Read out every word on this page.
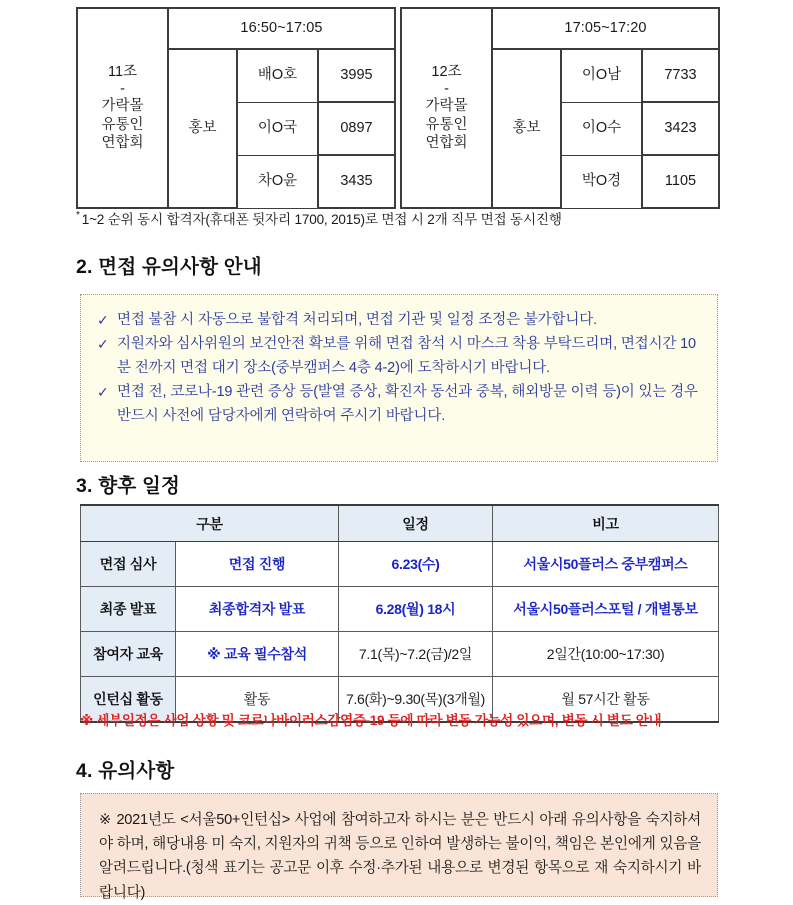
11조
-
가락몰
유통인
연합회	16:50~17:05		
	홍보	배O호	3995
		이O국	0897
		차O윤	3435
12조
-
가락몰
유통인
연합회	17:05~17:20		
	홍보	이O남	7733
		이O수	3423
		박O경	1105
* 1~2 순위 동시 합격자(휴대폰 뒷자리 1700, 2015)로 면접 시 2개 직무 면접 동시진행
2. 면접 유의사항 안내
✓ 면접 불참 시 자동으로 불합격 처리되며, 면접 기관 및 일정 조정은 불가합니다.
✓ 지원자와 심사위원의 보건안전 확보를 위해 면접 참석 시 마스크 착용 부탁드리며, 면접시간 10분 전까지 면접 대기 장소(중부캠퍼스 4층 4-2)에 도착하시기 바랍니다.
✓ 면접 전, 코로나-19 관련 증상 등(발열 증상, 확진자 동선과 중복, 해외방문 이력 등)이 있는 경우 반드시 사전에 담당자에게 연락하여 주시기 바랍니다.
3. 향후 일정
구분		일정	비고
면접 심사	면접 진행	6.23(수)	서울시50플러스 중부캠퍼스
최종 발표	최종합격자 발표	6.28(월) 18시	서울시50플러스포털 / 개별통보
참여자 교육	※ 교육 필수참석	7.1(목)~7.2(금)/2일	2일간(10:00~17:30)
인턴십 활동	활동	7.6(화)~9.30(목)(3개월)	월 57시간 활동
※ 세부일정은 사업 상황 및 코로나바이러스감염증-19 등에 따라 변동 가능성 있으며, 변동 시 별도 안내
4. 유의사항
※ 2021년도 <서울50+인턴십> 사업에 참여하고자 하시는 분은 반드시 아래 유의사항을 숙지하셔야 하며, 해당내용 미 숙지, 지원자의 귀책 등으로 인하여 발생하는 불이익, 책임은 본인에게 있음을 알려드립니다.(청색 표기는 공고문 이후 수정·추가된 내용으로 변경된 항목으로 재 숙지하시기 바랍니다)
